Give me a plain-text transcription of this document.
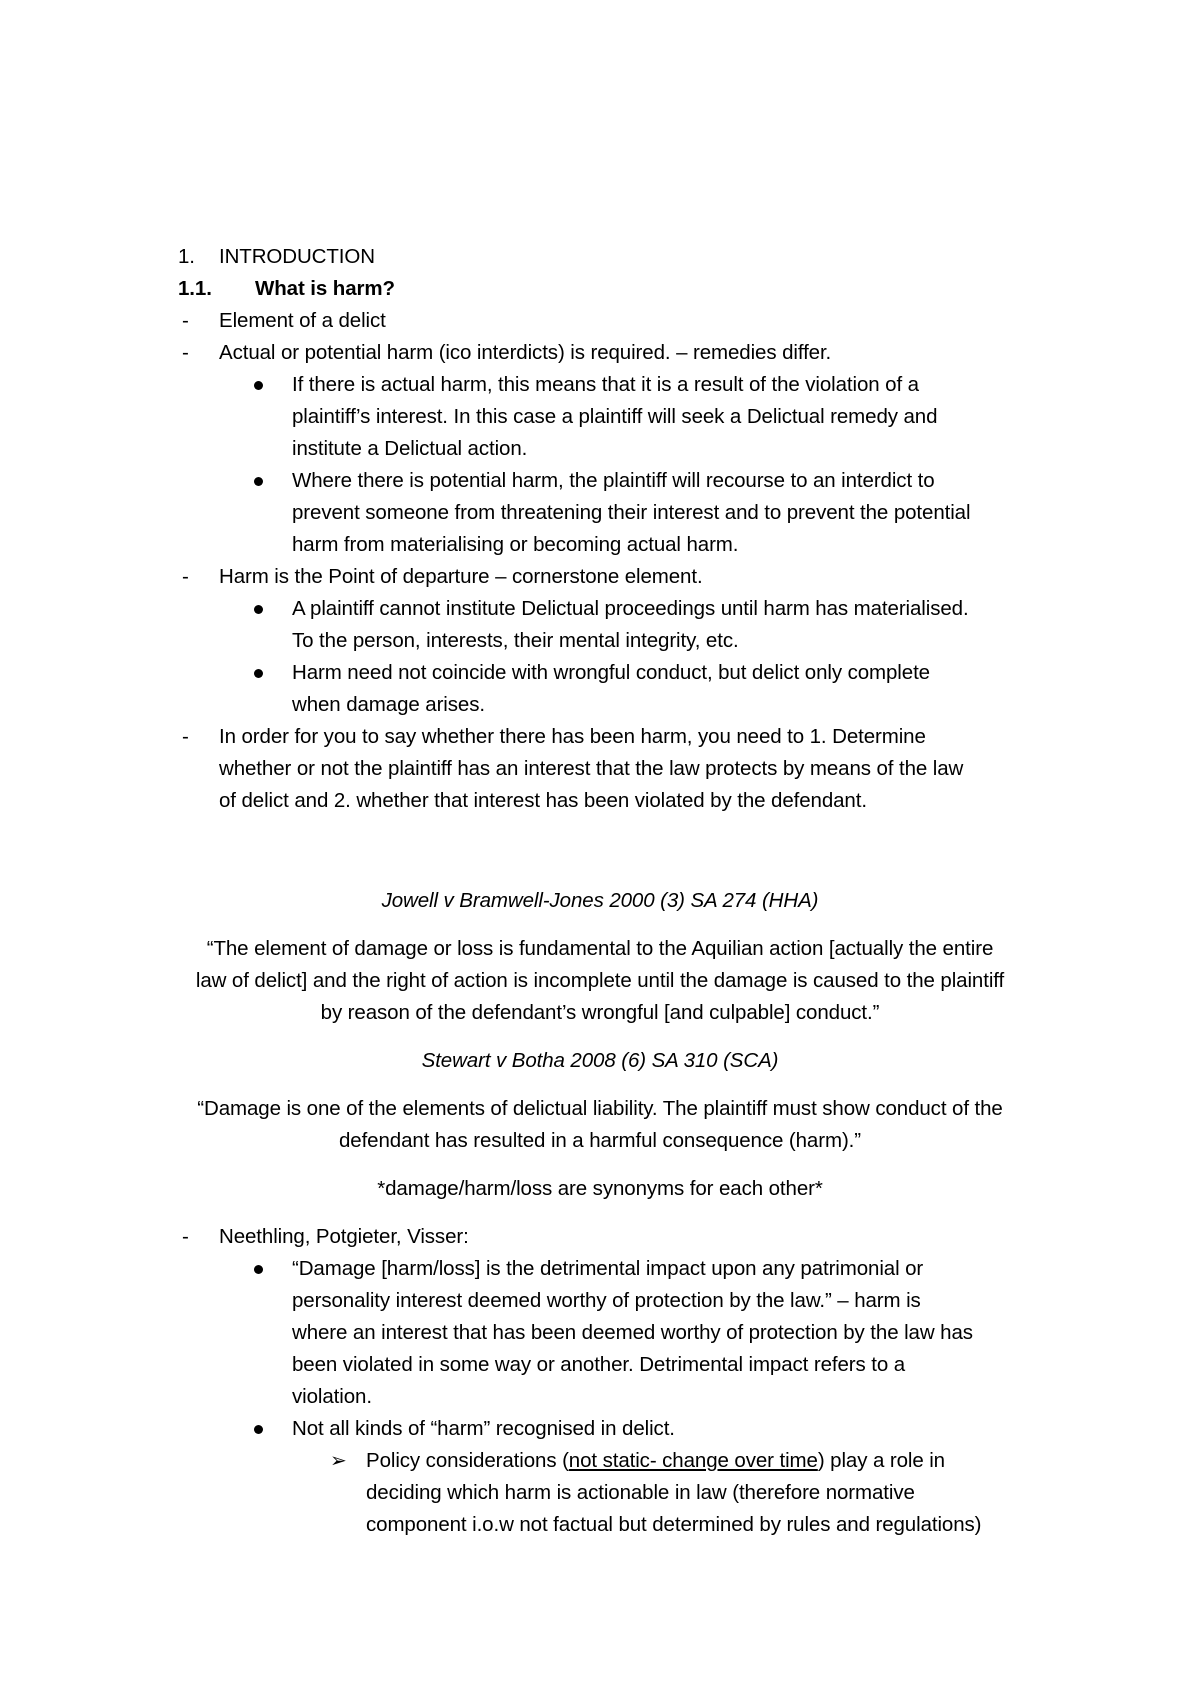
1. INTRODUCTION
1.1. What is harm?
- Element of a delict
- Actual or potential harm (ico interdicts) is required. – remedies differ.
If there is actual harm, this means that it is a result of the violation of a
plaintiff’s interest. In this case a plaintiff will seek a Delictual remedy and
institute a Delictual action.
Where there is potential harm, the plaintiff will recourse to an interdict to
prevent someone from threatening their interest and to prevent the potential
harm from materialising or becoming actual harm.
- Harm is the Point of departure – cornerstone element.
A plaintiff cannot institute Delictual proceedings until harm has materialised.
To the person, interests, their mental integrity, etc.
Harm need not coincide with wrongful conduct, but delict only complete
when damage arises.
- In order for you to say whether there has been harm, you need to 1. Determine
whether or not the plaintiff has an interest that the law protects by means of the law
of delict and 2. whether that interest has been violated by the defendant.
Jowell v Bramwell-Jones 2000 (3) SA 274 (HHA)
“The element of damage or loss is fundamental to the Aquilian action [actually the entire
law of delict] and the right of action is incomplete until the damage is caused to the plaintiff
by reason of the defendant’s wrongful [and culpable] conduct.”
Stewart v Botha 2008 (6) SA 310 (SCA)
“Damage is one of the elements of delictual liability. The plaintiff must show conduct of the
defendant has resulted in a harmful consequence (harm).”
*damage/harm/loss are synonyms for each other*
- Neethling, Potgieter, Visser:
“Damage [harm/loss] is the detrimental impact upon any patrimonial or
personality interest deemed worthy of protection by the law.” – harm is
where an interest that has been deemed worthy of protection by the law has
been violated in some way or another. Detrimental impact refers to a
violation.
Not all kinds of “harm” recognised in delict.
➢ Policy considerations (not static- change over time) play a role in
deciding which harm is actionable in law (therefore normative
component i.o.w not factual but determined by rules and regulations)
